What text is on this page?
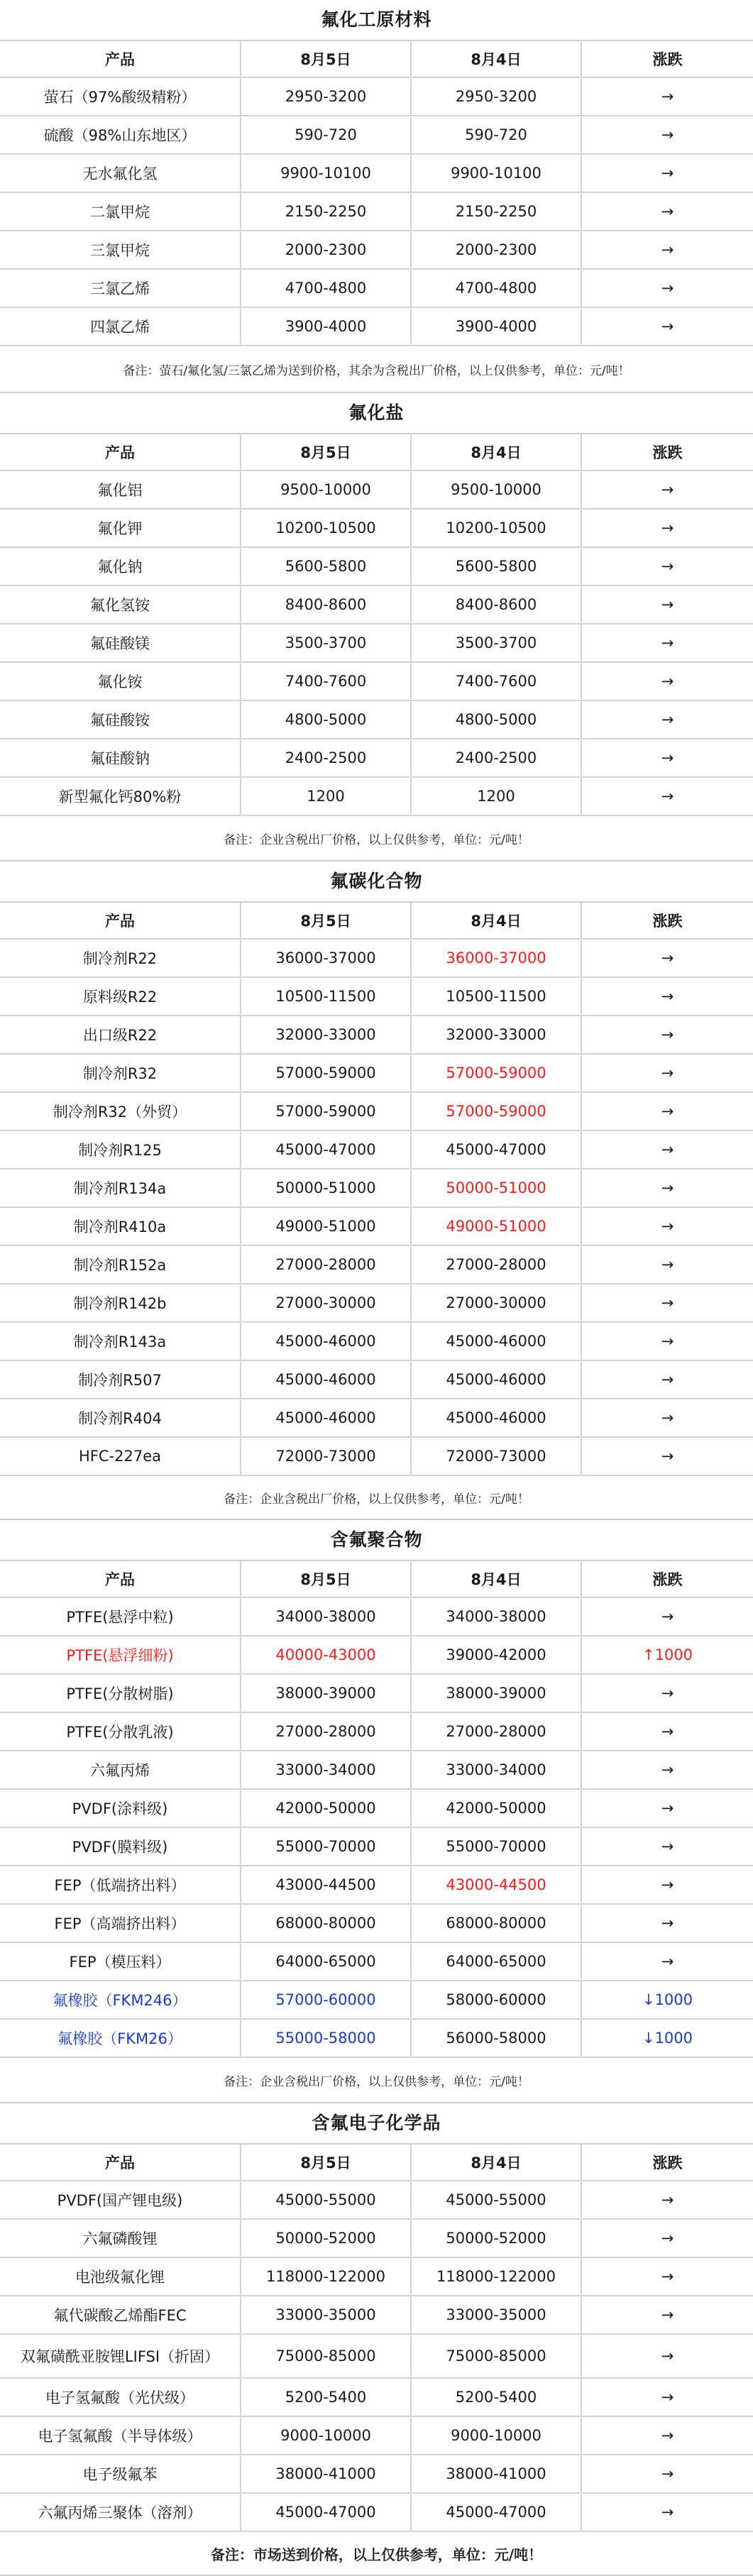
氟化工原材料
产品	8月5日	8月4日	涨跌
萤石（97%酸级精粉）	2950-3200	2950-3200	→
硫酸（98%山东地区）	590-720	590-720	→
无水氟化氢	9900-10100	9900-10100	→
二氯甲烷	2150-2250	2150-2250	→
三氯甲烷	2000-2300	2000-2300	→
三氯乙烯	4700-4800	4700-4800	→
四氯乙烯	3900-4000	3900-4000	→
备注：萤石/氟化氢/三氯乙烯为送到价格，其余为含税出厂价格，以上仅供参考，单位：元/吨！
氟化盐
产品	8月5日	8月4日	涨跌
氟化铝	9500-10000	9500-10000	→
氟化钾	10200-10500	10200-10500	→
氟化钠	5600-5800	5600-5800	→
氟化氢铵	8400-8600	8400-8600	→
氟硅酸镁	3500-3700	3500-3700	→
氟化铵	7400-7600	7400-7600	→
氟硅酸铵	4800-5000	4800-5000	→
氟硅酸钠	2400-2500	2400-2500	→
新型氟化钙80%粉	1200	1200	→
备注：企业含税出厂价格，以上仅供参考，单位：元/吨！
氟碳化合物
产品	8月5日	8月4日	涨跌
制冷剂R22	36000-37000	36000-37000	→
原料级R22	10500-11500	10500-11500	→
出口级R22	32000-33000	32000-33000	→
制冷剂R32	57000-59000	57000-59000	→
制冷剂R32（外贸）	57000-59000	57000-59000	→
制冷剂R125	45000-47000	45000-47000	→
制冷剂R134a	50000-51000	50000-51000	→
制冷剂R410a	49000-51000	49000-51000	→
制冷剂R152a	27000-28000	27000-28000	→
制冷剂R142b	27000-30000	27000-30000	→
制冷剂R143a	45000-46000	45000-46000	→
制冷剂R507	45000-46000	45000-46000	→
制冷剂R404	45000-46000	45000-46000	→
HFC-227ea	72000-73000	72000-73000	→
备注：企业含税出厂价格，以上仅供参考，单位：元/吨！
含氟聚合物
产品	8月5日	8月4日	涨跌
PTFE(悬浮中粒)	34000-38000	34000-38000	→
PTFE(悬浮细粉)	40000-43000	39000-42000	↑1000
PTFE(分散树脂)	38000-39000	38000-39000	→
PTFE(分散乳液)	27000-28000	27000-28000	→
六氟丙烯	33000-34000	33000-34000	→
PVDF(涂料级)	42000-50000	42000-50000	→
PVDF(膜料级)	55000-70000	55000-70000	→
FEP（低端挤出料）	43000-44500	43000-44500	→
FEP（高端挤出料）	68000-80000	68000-80000	→
FEP（模压料）	64000-65000	64000-65000	→
氟橡胶（FKM246）	57000-60000	58000-60000	↓1000
氟橡胶（FKM26）	55000-58000	56000-58000	↓1000
备注：企业含税出厂价格，以上仅供参考，单位：元/吨！
含氟电子化学品
产品	8月5日	8月4日	涨跌
PVDF(国产锂电级)	45000-55000	45000-55000	→
六氟磷酸锂	50000-52000	50000-52000	→
电池级氟化锂	118000-122000	118000-122000	→
氟代碳酸乙烯酯FEC	33000-35000	33000-35000	→
双氟磺酰亚胺锂LIFSI（折固）	75000-85000	75000-85000	→
电子氢氟酸（光伏级）	5200-5400	5200-5400	→
电子氢氟酸（半导体级）	9000-10000	9000-10000	→
电子级氟苯	38000-41000	38000-41000	→
六氟丙烯三聚体（溶剂）	45000-47000	45000-47000	→
备注：市场送到价格，以上仅供参考，单位：元/吨！
